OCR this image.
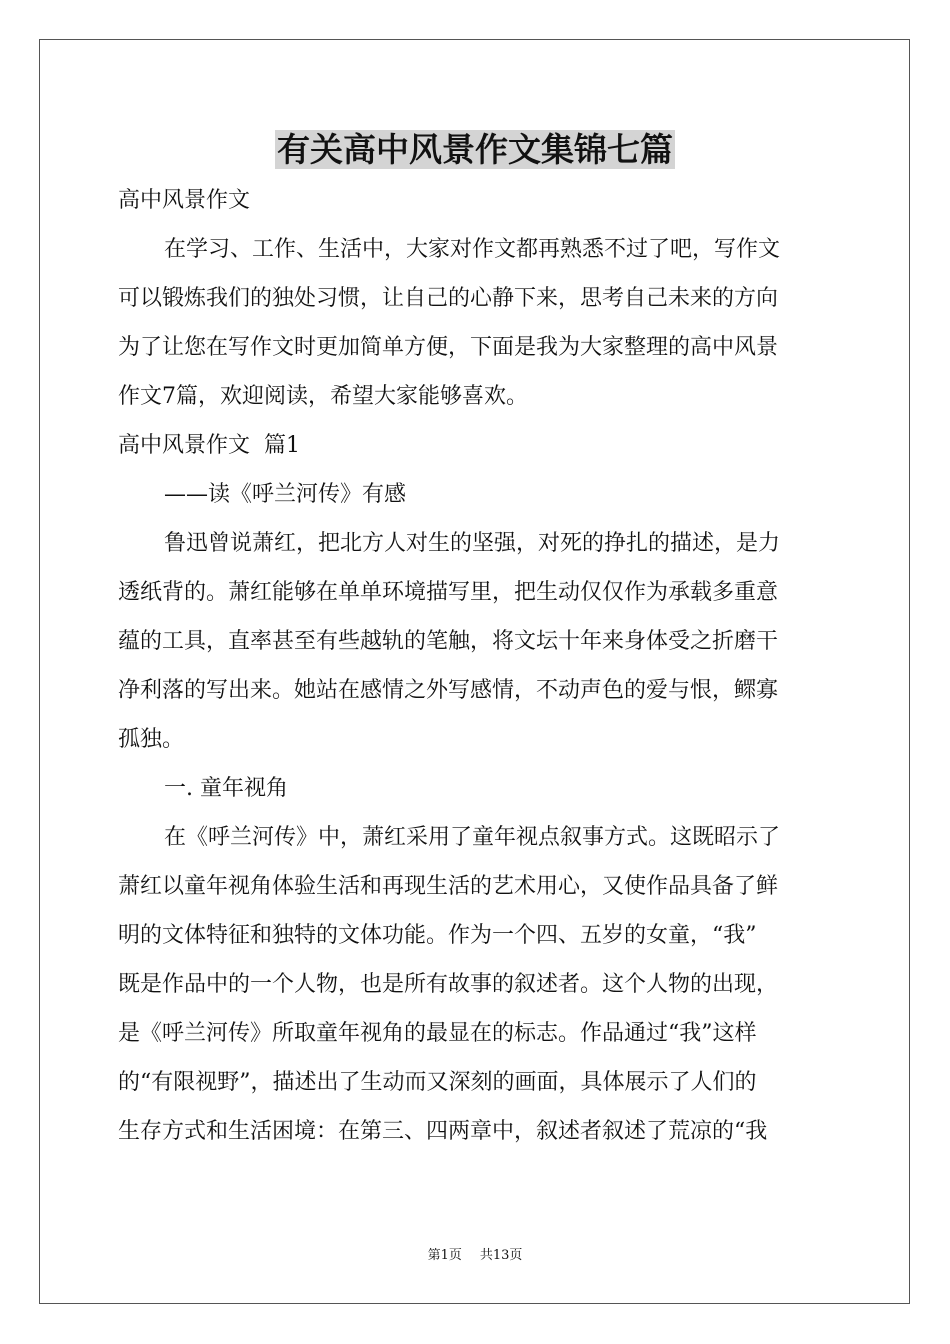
有关高中风景作文集锦七篇
高中风景作文
在学习、工作、生活中，大家对作文都再熟悉不过了吧，写作文
可以锻炼我们的独处习惯，让自己的心静下来，思考自己未来的方向
为了让您在写作文时更加简单方便，下面是我为大家整理的高中风景
作文7篇，欢迎阅读，希望大家能够喜欢。
高中风景作文  篇1
——读《呼兰河传》有感
鲁迅曾说萧红，把北方人对生的坚强，对死的挣扎的描述，是力
透纸背的。萧红能够在单单环境描写里，把生动仅仅作为承载多重意
蕴的工具，直率甚至有些越轨的笔触，将文坛十年来身体受之折磨干
净利落的写出来。她站在感情之外写感情，不动声色的爱与恨，鳏寡
孤独。
一. 童年视角
在《呼兰河传》中，萧红采用了童年视点叙事方式。这既昭示了
萧红以童年视角体验生活和再现生活的艺术用心，又使作品具备了鲜
明的文体特征和独特的文体功能。作为一个四、五岁的女童，“我”
既是作品中的一个人物，也是所有故事的叙述者。这个人物的出现，
是《呼兰河传》所取童年视角的最显在的标志。作品通过“我”这样
的“有限视野”，描述出了生动而又深刻的画面，具体展示了人们的
生存方式和生活困境：在第三、四两章中，叙述者叙述了荒凉的“我
第1页 共13页
